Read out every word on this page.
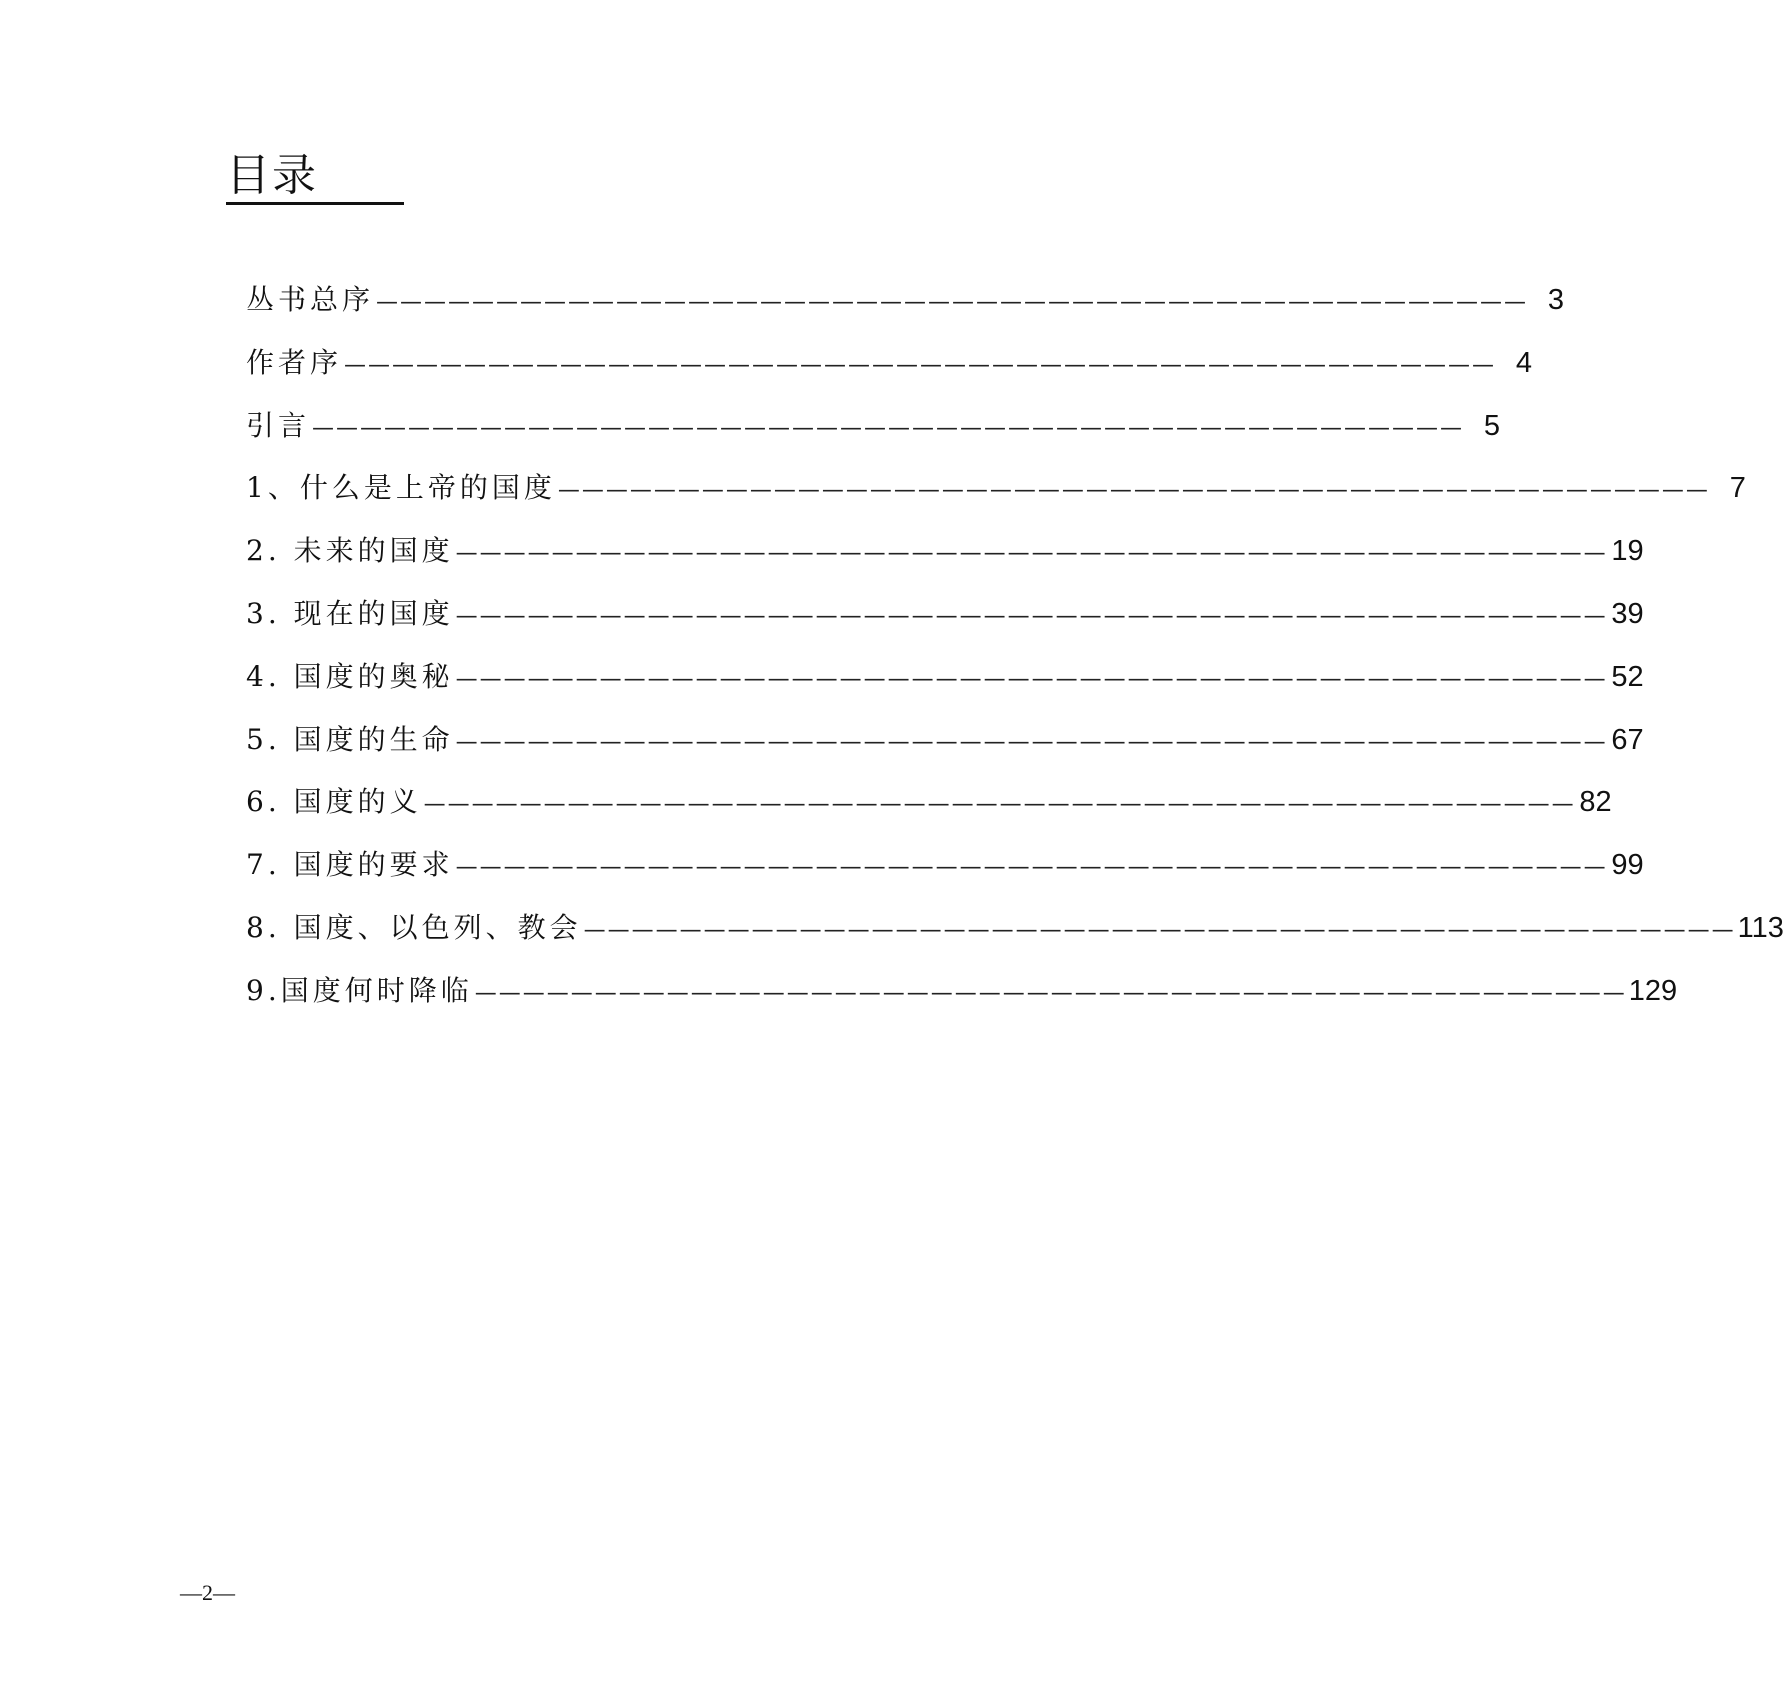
目录
丛书总序 ———————————————————————————————————————————————— 3
作者序 ———————————————————————————————————————————————— 4
引言 ———————————————————————————————————————————————— 5
1、什么是上帝的国度 ———————————————————————————————————————————————— 7
2. 未来的国度 ———————————————————————————————————————————————— 19
3. 现在的国度 ———————————————————————————————————————————————— 39
4. 国度的奥秘 ———————————————————————————————————————————————— 52
5. 国度的生命 ———————————————————————————————————————————————— 67
6. 国度的义 ———————————————————————————————————————————————— 82
7. 国度的要求 ———————————————————————————————————————————————— 99
8. 国度、以色列、教会 ———————————————————————————————————————————————— 113
9.国度何时降临 ———————————————————————————————————————————————— 129
—2—
